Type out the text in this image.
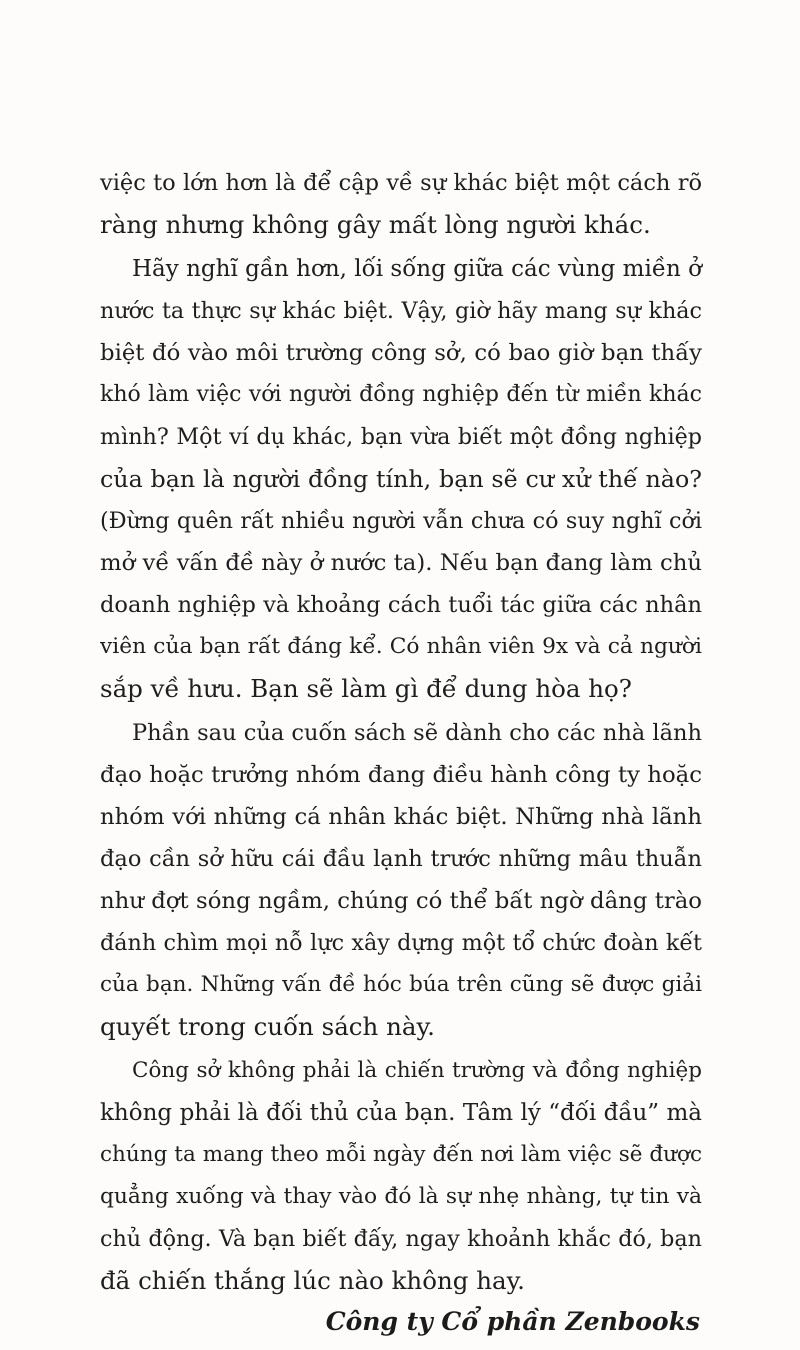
việc to lớn hơn là để cập về sự khác biệt một cách rõ

ràng nhưng không gây mất lòng người khác.

Hãy nghĩ gần hơn, lối sống giữa các vùng miền ở

nước ta thực sự khác biệt. Vậy, giờ hãy mang sự khác

biệt đó vào môi trường công sở, có bao giờ bạn thấy

khó làm việc với người đồng nghiệp đến từ miền khác

mình? Một ví dụ khác, bạn vừa biết một đồng nghiệp

của bạn là người đồng tính, bạn sẽ cư xử thế nào?

(Đừng quên rất nhiều người vẫn chưa có suy nghĩ cởi

mở về vấn đề này ở nước ta). Nếu bạn đang làm chủ

doanh nghiệp và khoảng cách tuổi tác giữa các nhân

viên của bạn rất đáng kể. Có nhân viên 9x và cả người

sắp về hưu. Bạn sẽ làm gì để dung hòa họ?

Phần sau của cuốn sách sẽ dành cho các nhà lãnh

đạo hoặc trưởng nhóm đang điều hành công ty hoặc

nhóm với những cá nhân khác biệt. Những nhà lãnh

đạo cần sở hữu cái đầu lạnh trước những mâu thuẫn

như đợt sóng ngầm, chúng có thể bất ngờ dâng trào

đánh chìm mọi nỗ lực xây dựng một tổ chức đoàn kết

của bạn. Những vấn đề hóc búa trên cũng sẽ được giải

quyết trong cuốn sách này.

Công sở không phải là chiến trường và đồng nghiệp

không phải là đối thủ của bạn. Tâm lý “đối đầu” mà

chúng ta mang theo mỗi ngày đến nơi làm việc sẽ được

quẳng xuống và thay vào đó là sự nhẹ nhàng, tự tin và

chủ động. Và bạn biết đấy, ngay khoảnh khắc đó, bạn

đã chiến thắng lúc nào không hay.

Công ty Cổ phần Zenbooks
